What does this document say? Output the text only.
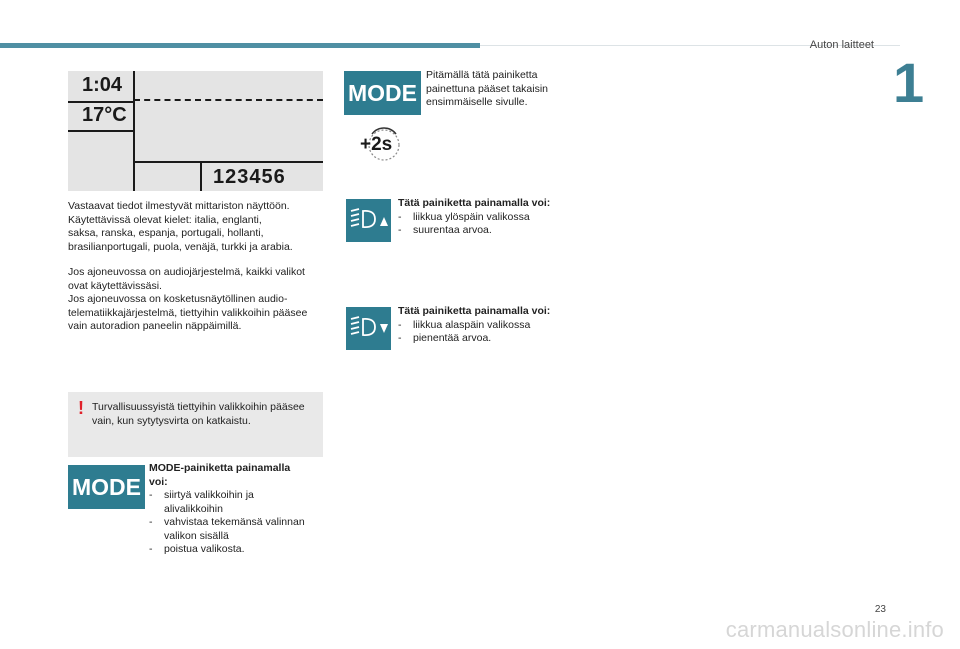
Auton laitteet
1
1:04
17°C
123456
Vastaavat tiedot ilmestyvät mittariston näyttöön.
Käytettävissä olevat kielet: italia, englanti,
saksa, ranska, espanja, portugali, hollanti,
brasilianportugali, puola, venäjä, turkki ja arabia.
Jos ajoneuvossa on audiojärjestelmä, kaikki valikot
ovat käytettävissäsi.
Jos ajoneuvossa on kosketusnäytöllinen audio-
telematiikkajärjestelmä, tiettyihin valikkoihin pääsee
vain autoradion paneelin näppäimillä.
! Turvallisuussyistä tiettyihin valikkoihin pääsee
vain, kun sytytysvirta on katkaistu.
MODE
MODE-painiketta painamalla
voi:
-	siirtyä valikkoihin ja
alivalikkoihin
-	vahvistaa tekemänsä valinnan
valikon sisällä
-	poistua valikosta.
MODE
Pitämällä tätä painiketta
painettuna pääset takaisin
ensimmäiselle sivulle.
+2s
Tätä painiketta painamalla voi:
-	liikkua ylöspäin valikossa
-	suurentaa arvoa.
Tätä painiketta painamalla voi:
-	liikkua alaspäin valikossa
-	pienentää arvoa.
23
carmanualsonline.info
